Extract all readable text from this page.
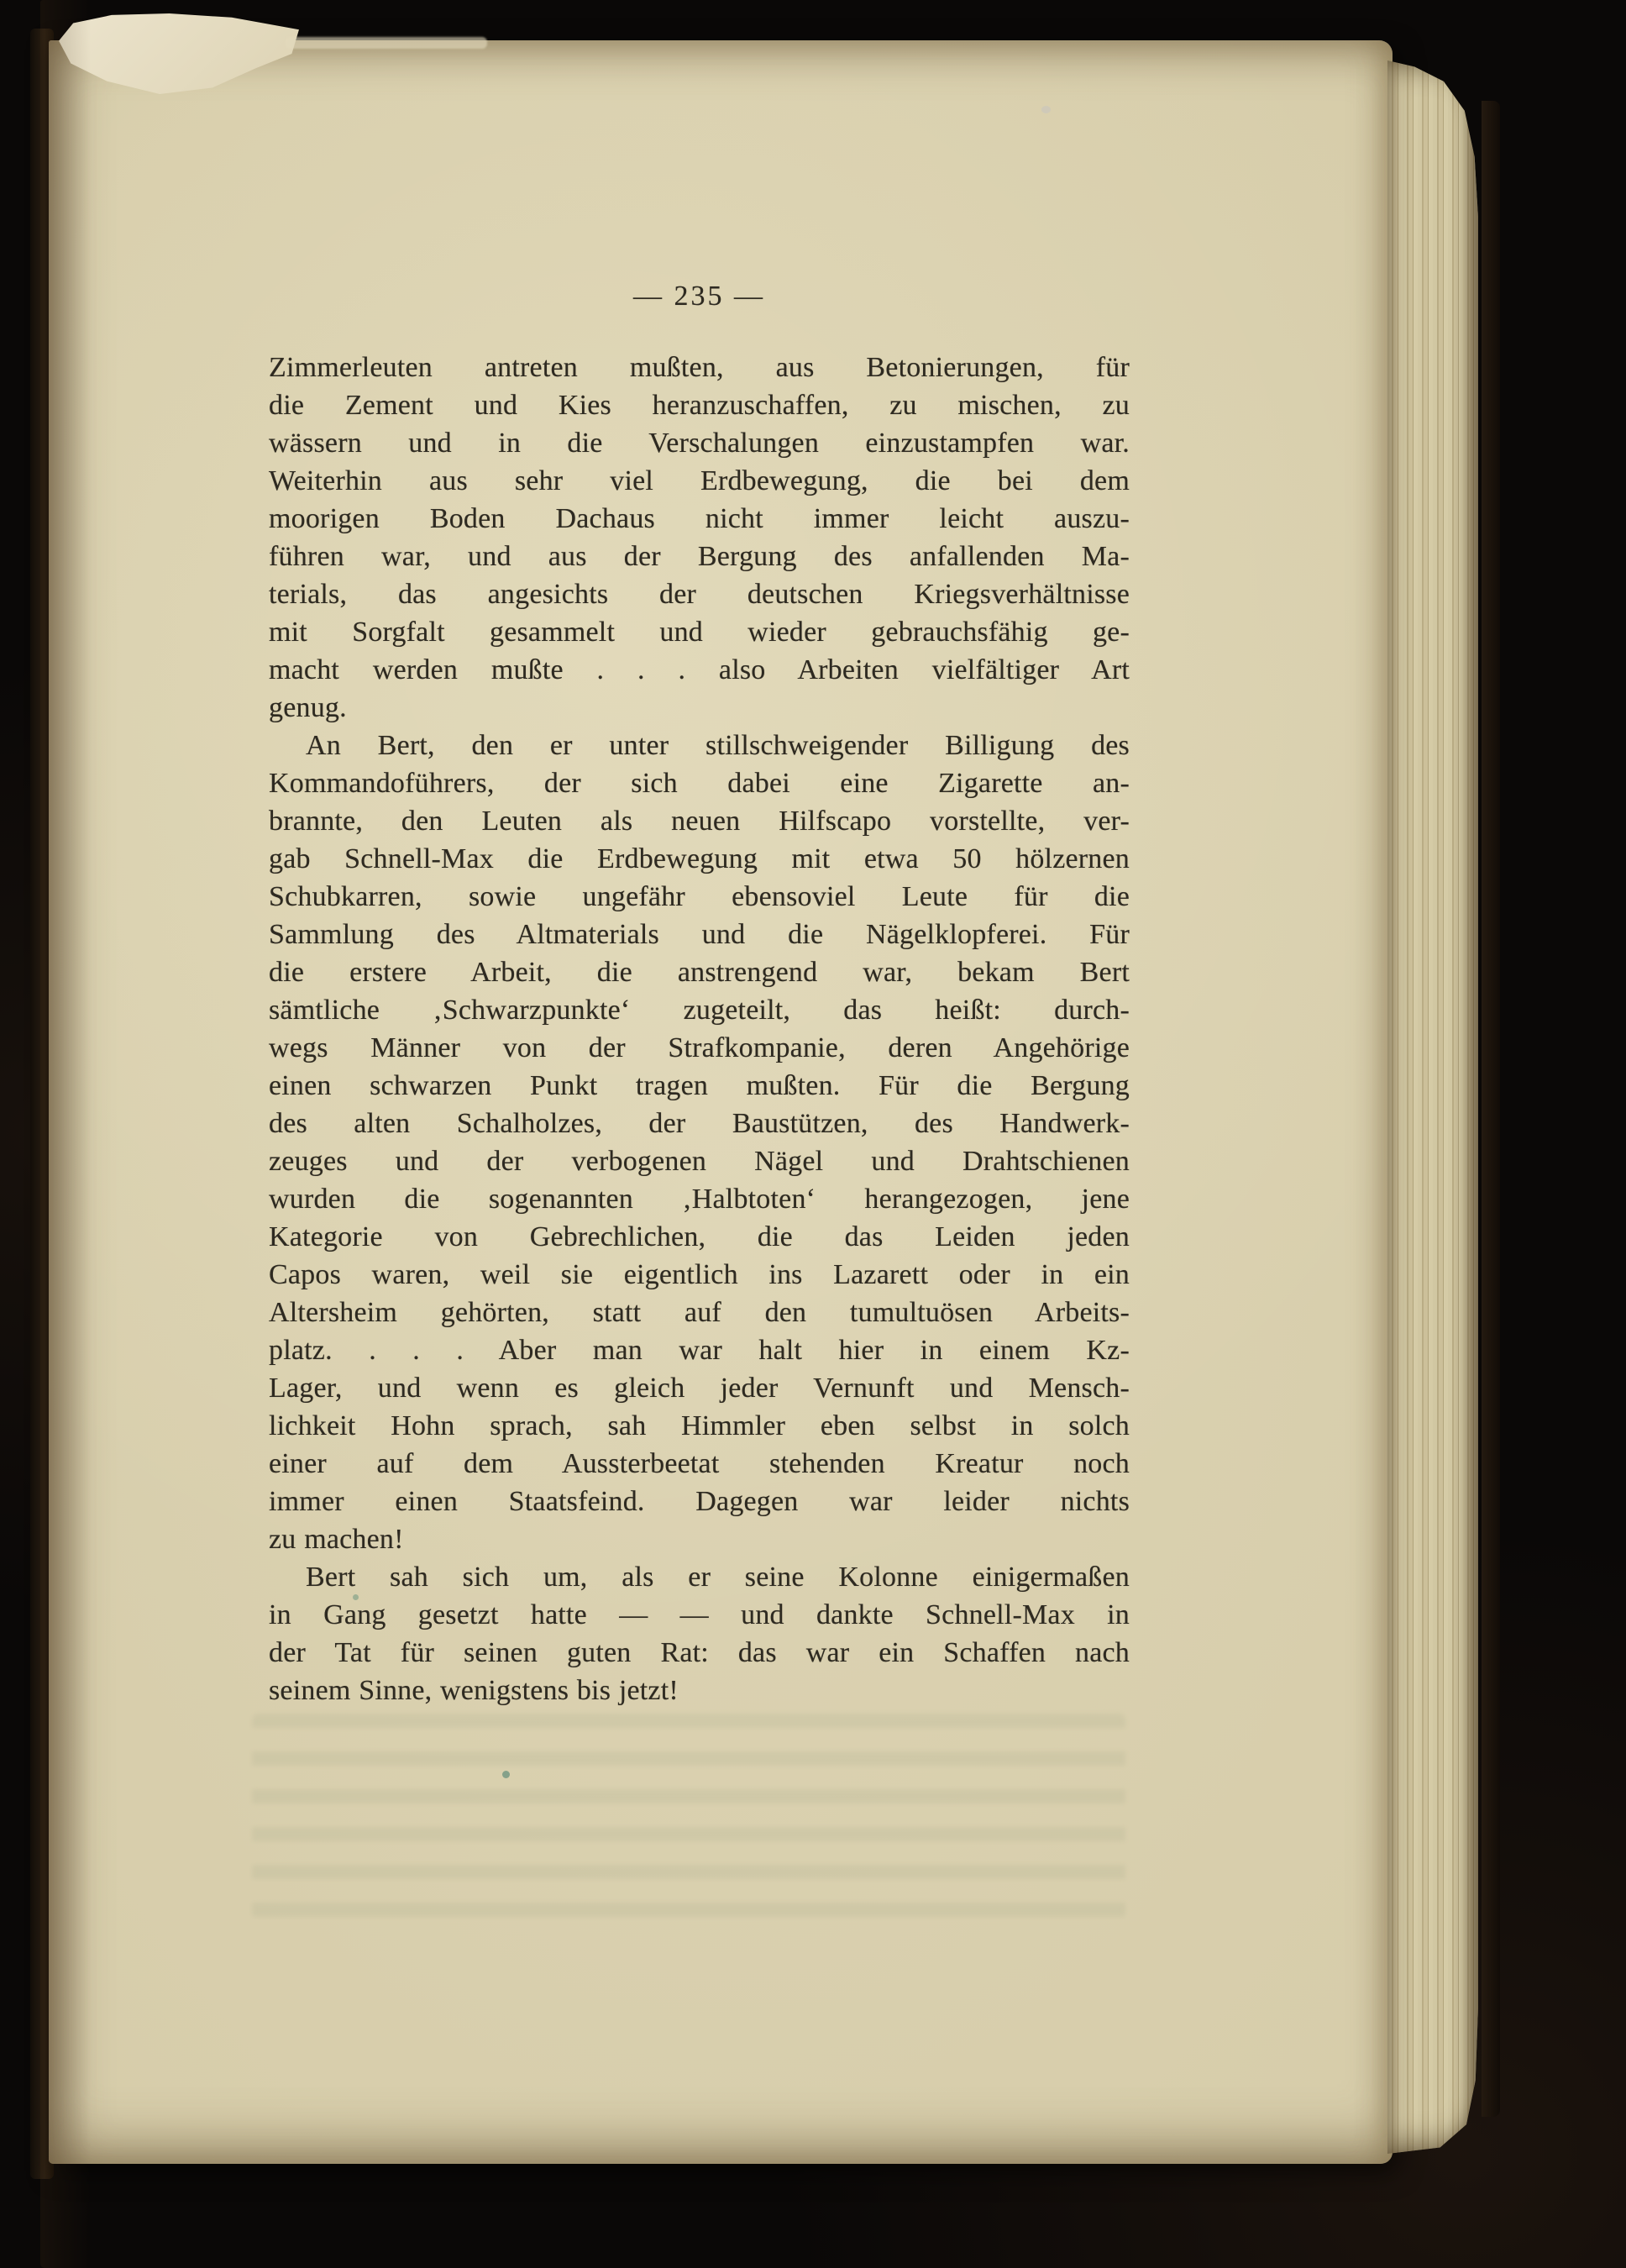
— 235 —
Zimmerleuten antreten mußten, aus Betonierungen, für
die Zement und Kies heranzuschaffen, zu mischen, zu
wässern und in die Verschalungen einzustampfen war.
Weiterhin aus sehr viel Erdbewegung, die bei dem
moorigen Boden Dachaus nicht immer leicht auszu-
führen war, und aus der Bergung des anfallenden Ma-
terials, das angesichts der deutschen Kriegsverhältnisse
mit Sorgfalt gesammelt und wieder gebrauchsfähig ge-
macht werden mußte . . . also Arbeiten vielfältiger Art
genug.
An Bert, den er unter stillschweigender Billigung des
Kommandoführers, der sich dabei eine Zigarette an-
brannte, den Leuten als neuen Hilfscapo vorstellte, ver-
gab Schnell-Max die Erdbewegung mit etwa 50 hölzernen
Schubkarren, sowie ungefähr ebensoviel Leute für die
Sammlung des Altmaterials und die Nägelklopferei. Für
die erstere Arbeit, die anstrengend war, bekam Bert
sämtliche ‚Schwarzpunkte‘ zugeteilt, das heißt: durch-
wegs Männer von der Strafkompanie, deren Angehörige
einen schwarzen Punkt tragen mußten. Für die Bergung
des alten Schalholzes, der Baustützen, des Handwerk-
zeuges und der verbogenen Nägel und Drahtschienen
wurden die sogenannten ‚Halbtoten‘ herangezogen, jene
Kategorie von Gebrechlichen, die das Leiden jeden
Capos waren, weil sie eigentlich ins Lazarett oder in ein
Altersheim gehörten, statt auf den tumultuösen Arbeits-
platz. . . . Aber man war halt hier in einem Kz-
Lager, und wenn es gleich jeder Vernunft und Mensch-
lichkeit Hohn sprach, sah Himmler eben selbst in solch
einer auf dem Aussterbeetat stehenden Kreatur noch
immer einen Staatsfeind. Dagegen war leider nichts
zu machen!
Bert sah sich um, als er seine Kolonne einigermaßen
in Gang gesetzt hatte — — und dankte Schnell-Max in
der Tat für seinen guten Rat: das war ein Schaffen nach
seinem Sinne, wenigstens bis jetzt!
